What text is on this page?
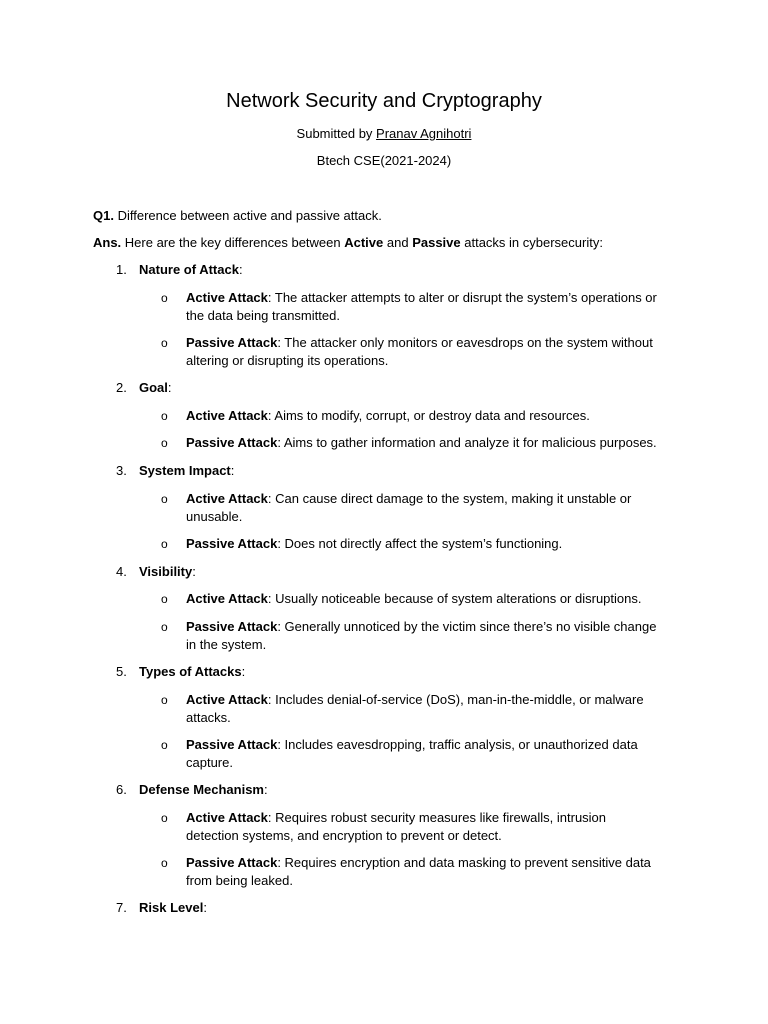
Network Security and Cryptography
Submitted by Pranav Agnihotri
Btech CSE(2021-2024)
Q1. Difference between active and passive attack.
Ans. Here are the key differences between Active and Passive attacks in cybersecurity:
1. Nature of Attack:
o Active Attack: The attacker attempts to alter or disrupt the system’s operations or the data being transmitted.
o Passive Attack: The attacker only monitors or eavesdrops on the system without altering or disrupting its operations.
2. Goal:
o Active Attack: Aims to modify, corrupt, or destroy data and resources.
o Passive Attack: Aims to gather information and analyze it for malicious purposes.
3. System Impact:
o Active Attack: Can cause direct damage to the system, making it unstable or unusable.
o Passive Attack: Does not directly affect the system’s functioning.
4. Visibility:
o Active Attack: Usually noticeable because of system alterations or disruptions.
o Passive Attack: Generally unnoticed by the victim since there’s no visible change in the system.
5. Types of Attacks:
o Active Attack: Includes denial-of-service (DoS), man-in-the-middle, or malware attacks.
o Passive Attack: Includes eavesdropping, traffic analysis, or unauthorized data capture.
6. Defense Mechanism:
o Active Attack: Requires robust security measures like firewalls, intrusion detection systems, and encryption to prevent or detect.
o Passive Attack: Requires encryption and data masking to prevent sensitive data from being leaked.
7. Risk Level:
